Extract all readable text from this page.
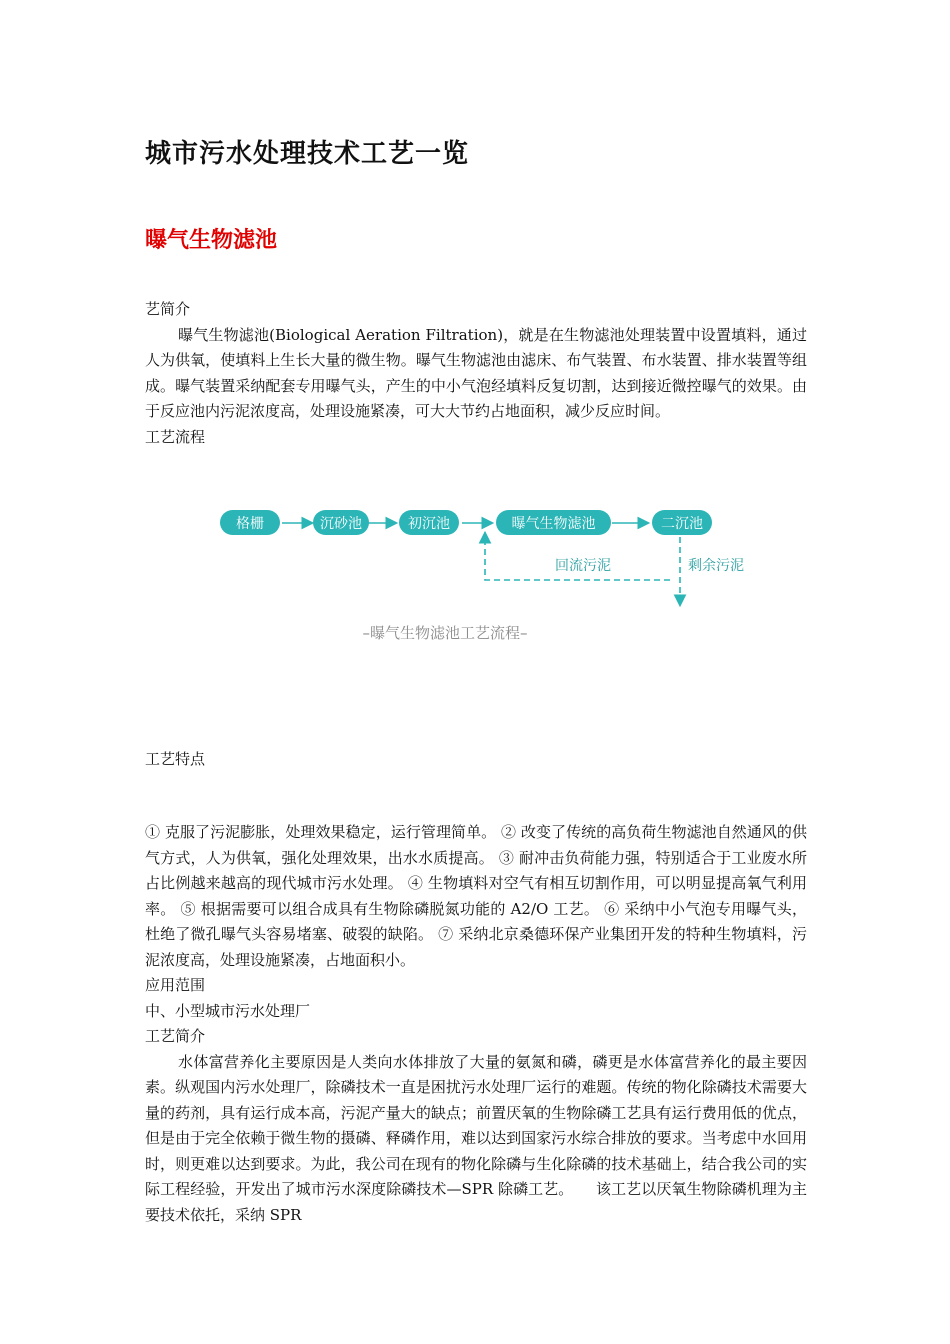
城市污水处理技术工艺一览
曝气生物滤池
艺简介
曝气生物滤池(Biological Aeration Filtration)，就是在生物滤池处理装置中设置填料，通过人为供氧，使填料上生长大量的微生物。曝气生物滤池由滤床、布气装置、布水装置、排水装置等组成。曝气装置采纳配套专用曝气头，产生的中小气泡经填料反复切割，达到接近微控曝气的效果。由于反应池内污泥浓度高，处理设施紧凑，可大大节约占地面积，减少反应时间。
工艺流程
格栅	沉砂池	初沉池	曝气生物滤池	二沉池
回流污泥	剩余污泥
–曝气生物滤池工艺流程–
工艺特点
① 克服了污泥膨胀，处理效果稳定，运行管理简单。 ② 改变了传统的高负荷生物滤池自然通风的供气方式，人为供氧，强化处理效果，出水水质提高。 ③ 耐冲击负荷能力强，特别适合于工业废水所占比例越来越高的现代城市污水处理。 ④ 生物填料对空气有相互切割作用，可以明显提高氧气利用率。 ⑤ 根据需要可以组合成具有生物除磷脱氮功能的 A2/O 工艺。 ⑥ 采纳中小气泡专用曝气头，杜绝了微孔曝气头容易堵塞、破裂的缺陷。 ⑦ 采纳北京桑德环保产业集团开发的特种生物填料，污泥浓度高，处理设施紧凑，占地面积小。
应用范围
中、小型城市污水处理厂
工艺简介
水体富营养化主要原因是人类向水体排放了大量的氨氮和磷，磷更是水体富营养化的最主要因素。纵观国内污水处理厂，除磷技术一直是困扰污水处理厂运行的难题。传统的物化除磷技术需要大量的药剂，具有运行成本高，污泥产量大的缺点；前置厌氧的生物除磷工艺具有运行费用低的优点，但是由于完全依赖于微生物的摄磷、释磷作用，难以达到国家污水综合排放的要求。当考虑中水回用时，则更难以达到要求。为此，我公司在现有的物化除磷与生化除磷的技术基础上，结合我公司的实际工程经验，开发出了城市污水深度除磷技术—SPR 除磷工艺。　　该工艺以厌氧生物除磷机理为主要技术依托，采纳 SPR
